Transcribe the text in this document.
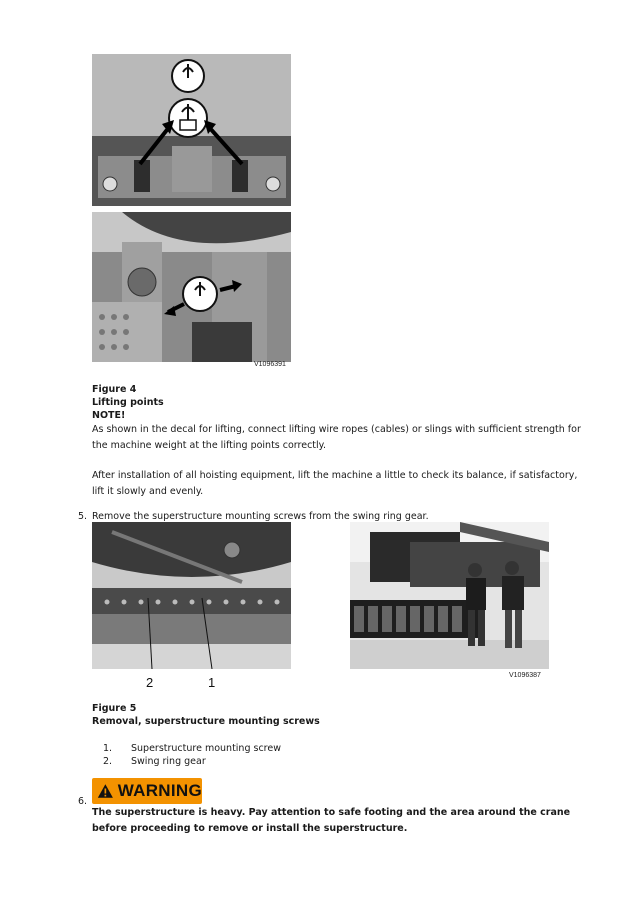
V1096391
Figure 4
Lifting points
NOTE!
As shown in the decal for lifting, connect lifting wire ropes (cables) or slings with sufficient strength for the machine weight at the lifting points correctly.
After installation of all hoisting equipment, lift the machine a little to check its balance, if satisfactory, lift it slowly and evenly.
5. Remove the superstructure mounting screws from the swing ring gear.
2	1	V1096387
Figure 5
Removal, superstructure mounting screws
1. Superstructure mounting screw
2. Swing ring gear
6.
WARNING
The superstructure is heavy. Pay attention to safe footing and the area around the crane before proceeding to remove or install the superstructure.
